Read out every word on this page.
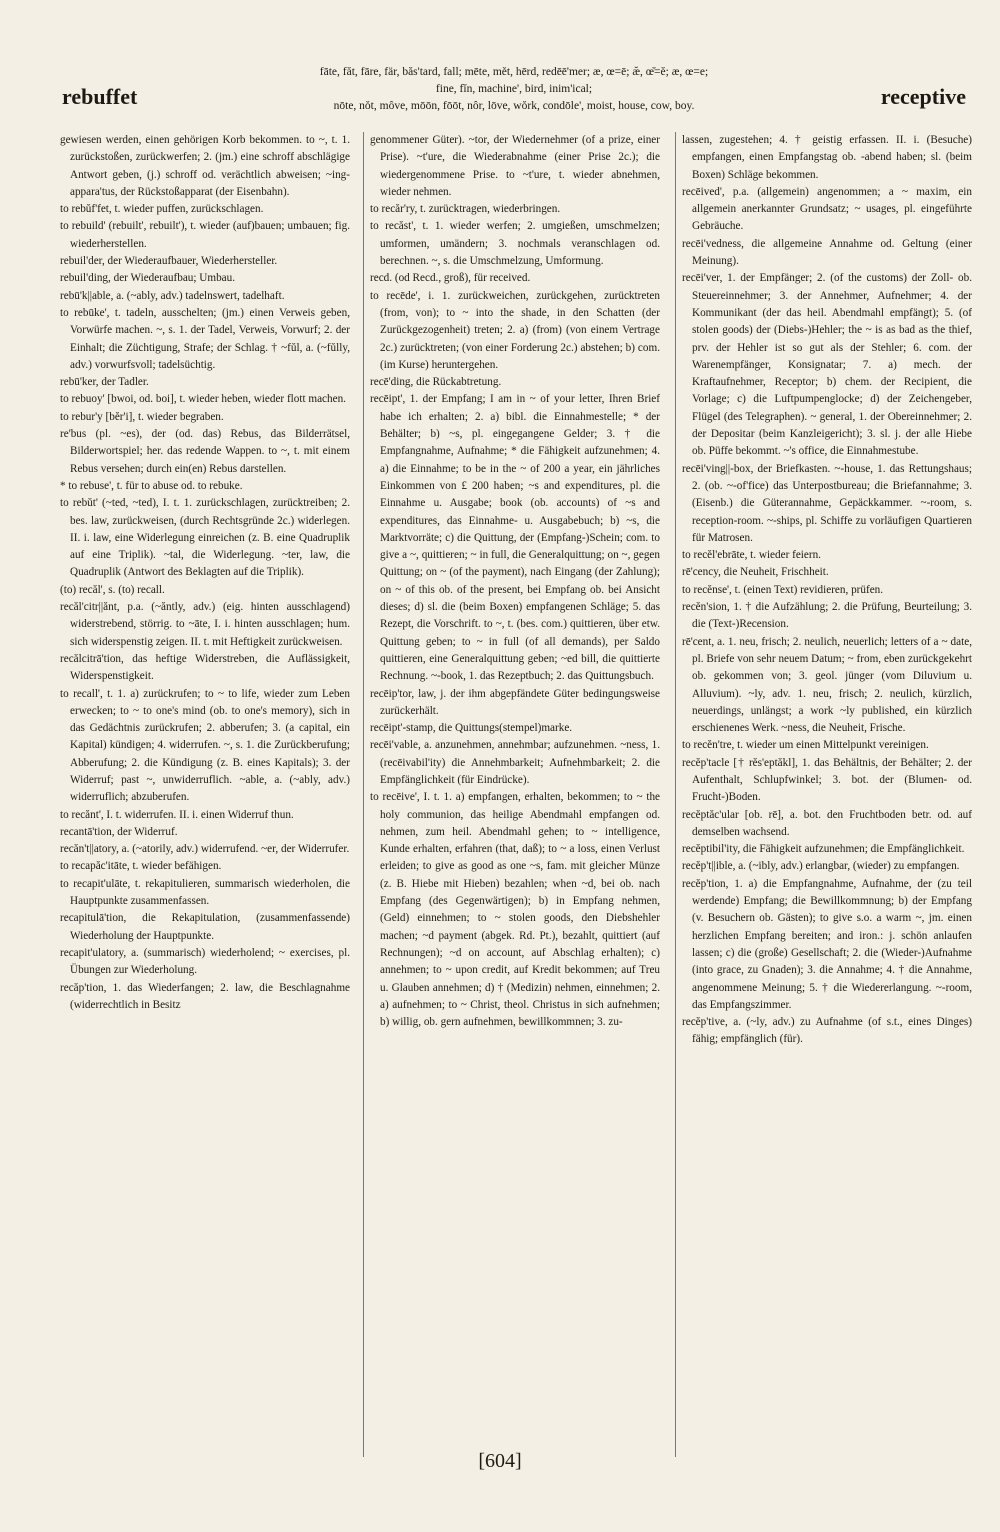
rebuffet
fāte, făt, fāre, fär, băs'tard, fall; mēte, mět, hērd, redēē'mer; æ, œ=ē; æ̆, œ̆=ĕ; æ, œ=e;
fine, fĭn, machine', bird, inim'ical;
nōte, nŏt, môve, mōōn, fōōt, nôr, lōve, wŏrk, condōle', moist, house, cow, boy.	receptive

gewiesen werden, einen gehörigen Korb bekommen. to ~, t. 1. zurückstoßen, zurückwerfen; 2. (jm.) eine schroff abschlägige Antwort geben, (j.) schroff od. verächtlich abweisen; ~ing-appara'tus, der Rückstoßapparat (der Eisenbahn).

to rebŭf'fet, t. wieder puffen, zurückschlagen.

to rebuild' (rebuilt', rebuilt'), t. wieder (auf)bauen; umbauen; fig. wiederherstellen.

rebuil'der, der Wiederaufbauer, Wiederhersteller.

rebuil'ding, der Wiederaufbau; Umbau.

rebū'k||able, a. (~ably, adv.) tadelnswert, tadelhaft.

to rebūke', t. tadeln, ausschelten; (jm.) einen Verweis geben, Vorwürfe machen. ~, s. 1. der Tadel, Verweis, Vorwurf; 2. der Einhalt; die Züchtigung, Strafe; der Schlag. † ~fŭl, a. (~fŭlly, adv.) vorwurfsvoll; tadelsüchtig.

rebū'ker, der Tadler.

to rebuoy' [bwoi, od. boi], t. wieder heben, wieder flott machen.

to rebur'y [bĕr'i], t. wieder begraben.

re'bus (pl. ~es), der (od. das) Rebus, das Bilderrätsel, Bilderwortspiel; her. das redende Wappen. to ~, t. mit einem Rebus versehen; durch ein(en) Rebus darstellen.

* to rebuse', t. für to abuse od. to rebuke.

to rebŭt' (~ted, ~ted), I. t. 1. zurückschlagen, zurücktreiben; 2. bes. law, zurückweisen, (durch Rechtsgründe 2c.) widerlegen. II. i. law, eine Widerlegung einreichen (z. B. eine Quadruplik auf eine Triplik). ~tal, die Widerlegung. ~ter, law, die Quadruplik (Antwort des Beklagten auf die Triplik).

(to) recăl', s. (to) recall.

recăl'citr||ănt, p.a. (~ăntly, adv.) (eig. hinten ausschlagend) widerstrebend, störrig. to ~āte, I. i. hinten ausschlagen; hum. sich widerspenstig zeigen. II. t. mit Heftigkeit zurückweisen.

recălcitrā'tion, das heftige Widerstreben, die Auflässigkeit, Widerspenstigkeit.

to recall', t. 1. a) zurückrufen; to ~ to life, wieder zum Leben erwecken; to ~ to one's mind (ob. to one's memory), sich in das Gedächtnis zurückrufen; 2. abberufen; 3. (a capital, ein Kapital) kündigen; 4. widerrufen. ~, s. 1. die Zurückberufung; Abberufung; 2. die Kündigung (z. B. eines Kapitals); 3. der Widerruf; past ~, unwiderruflich. ~able, a. (~ably, adv.) widerruflich; abzuberufen.

to recănt', I. t. widerrufen. II. i. einen Widerruf thun.

recantā'tion, der Widerruf.

recăn't||atory, a. (~atorily, adv.) widerrufend. ~er, der Widerrufer.

to recapăc'itāte, t. wieder befähigen.

to recapit'ulāte, t. rekapitulieren, summarisch wiederholen, die Hauptpunkte zusammenfassen.

recapitulā'tion, die Rekapitulation, (zusammenfassende) Wiederholung der Hauptpunkte.

recapit'ulatory, a. (summarisch) wiederholend; ~ exercises, pl. Übungen zur Wiederholung.

recăp'tion, 1. das Wiederfangen; 2. law, die Beschlagnahme (widerrechtlich in Besitz

genommener Güter). ~tor, der Wiedernehmer (of a prize, einer Prise). ~t'ure, die Wiederabnahme (einer Prise 2c.); die wiedergenommene Prise. to ~t'ure, t. wieder abnehmen, wieder nehmen.

to recăr'ry, t. zurücktragen, wiederbringen.

to recăst', t. 1. wieder werfen; 2. umgießen, umschmelzen; umformen, umändern; 3. nochmals veranschlagen od. berechnen. ~, s. die Umschmelzung, Umformung.

recd. (od Recd., groß), für received.

to recēde', i. 1. zurückweichen, zurückgehen, zurücktreten (from, von); to ~ into the shade, in den Schatten (der Zurückgezogenheit) treten; 2. a) (from) (von einem Vertrage 2c.) zurücktreten; (von einer Forderung 2c.) abstehen; b) com. (im Kurse) heruntergehen.

recē'ding, die Rückabtretung.

recēipt', 1. der Empfang; I am in ~ of your letter, Ihren Brief habe ich erhalten; 2. a) bibl. die Einnahmestelle; * der Behälter; b) ~s, pl. eingegangene Gelder; 3. † die Empfangnahme, Aufnahme; * die Fähigkeit aufzunehmen; 4. a) die Einnahme; to be in the ~ of 200 a year, ein jährliches Einkommen von £ 200 haben; ~s and expenditures, pl. die Einnahme u. Ausgabe; book (ob. accounts) of ~s and expenditures, das Einnahme- u. Ausgabebuch; b) ~s, die Marktvorräte; c) die Quittung, der (Empfang-)Schein; com. to give a ~, quittieren; ~ in full, die Generalquittung; on ~, gegen Quittung; on ~ (of the payment), nach Eingang (der Zahlung); on ~ of this ob. of the present, bei Empfang ob. bei Ansicht dieses; d) sl. die (beim Boxen) empfangenen Schläge; 5. das Rezept, die Vorschrift. to ~, t. (bes. com.) quittieren, über etw. Quittung geben; to ~ in full (of all demands), per Saldo quittieren, eine Generalquittung geben; ~ed bill, die quittierte Rechnung. ~-book, 1. das Rezeptbuch; 2. das Quittungsbuch.

recēip'tor, law, j. der ihm abgepfändete Güter bedingungsweise zurückerhält.

recēipt'-stamp, die Quittungs(stempel)marke.

recēi'vable, a. anzunehmen, annehmbar; aufzunehmen. ~ness, 1. (recēivabil'ity) die Annehmbarkeit; Aufnehmbarkeit; 2. die Empfänglichkeit (für Eindrücke).

to recēive', I. t. 1. a) empfangen, erhalten, bekommen; to ~ the holy communion, das heilige Abendmahl empfangen od. nehmen, zum heil. Abendmahl gehen; to ~ intelligence, Kunde erhalten, erfahren (that, daß); to ~ a loss, einen Verlust erleiden; to give as good as one ~s, fam. mit gleicher Münze (z. B. Hiebe mit Hieben) bezahlen; when ~d, bei ob. nach Empfang (des Gegenwärtigen); b) in Empfang nehmen, (Geld) einnehmen; to ~ stolen goods, den Diebshehler machen; ~d payment (abgek. Rd. Pt.), bezahlt, quittiert (auf Rechnungen); ~d on account, auf Abschlag erhalten); c) annehmen; to ~ upon credit, auf Kredit bekommen; auf Treu u. Glauben annehmen; d) † (Medizin) nehmen, einnehmen; 2. a) aufnehmen; to ~ Christ, theol. Christus in sich aufnehmen; b) willig, ob. gern aufnehmen, bewillkommnen; 3. zu-

lassen, zugestehen; 4. † geistig erfassen. II. i. (Besuche) empfangen, einen Empfangstag ob. -abend haben; sl. (beim Boxen) Schläge bekommen.

recēived', p.a. (allgemein) angenommen; a ~ maxim, ein allgemein anerkannter Grundsatz; ~ usages, pl. eingeführte Gebräuche.

recēi'vedness, die allgemeine Annahme od. Geltung (einer Meinung).

recēi'ver, 1. der Empfänger; 2. (of the customs) der Zoll- ob. Steuereinnehmer; 3. der Annehmer, Aufnehmer; 4. der Kommunikant (der das heil. Abendmahl empfängt); 5. (of stolen goods) der (Diebs-)Hehler; the ~ is as bad as the thief, prv. der Hehler ist so gut als der Stehler; 6. com. der Warenempfänger, Konsignatar; 7. a) mech. der Kraftaufnehmer, Receptor; b) chem. der Recipient, die Vorlage; c) die Luftpumpenglocke; d) der Zeichengeber, Flügel (des Telegraphen). ~ general, 1. der Obereinnehmer; 2. der Depositar (beim Kanzleigericht); 3. sl. j. der alle Hiebe ob. Püffe bekommt. ~'s office, die Einnahmestube.

recēi'ving||-box, der Briefkasten. ~-house, 1. das Rettungshaus; 2. (ob. ~-of'fice) das Unterpostbureau; die Briefannahme; 3. (Eisenb.) die Güterannahme, Gepäckkammer. ~-room, s. reception-room. ~-ships, pl. Schiffe zu vorläufigen Quartieren für Matrosen.

to recĕl'ebrāte, t. wieder feiern.

rē'cency, die Neuheit, Frischheit.

to recĕnse', t. (einen Text) revidieren, prüfen.

recĕn'sion, 1. † die Aufzählung; 2. die Prüfung, Beurteilung; 3. die (Text-)Recension.

rē'cent, a. 1. neu, frisch; 2. neulich, neuerlich; letters of a ~ date, pl. Briefe von sehr neuem Datum; ~ from, eben zurückgekehrt ob. gekommen von; 3. geol. jünger (vom Diluvium u. Alluvium). ~ly, adv. 1. neu, frisch; 2. neulich, kürzlich, neuerdings, unlängst; a work ~ly published, ein kürzlich erschienenes Werk. ~ness, die Neuheit, Frische.

to recĕn'tre, t. wieder um einen Mittelpunkt vereinigen.

recĕp'tacle [† rĕs'eptăkl], 1. das Behältnis, der Behälter; 2. der Aufenthalt, Schlupfwinkel; 3. bot. der (Blumen- od. Frucht-)Boden.

recĕptăc'ular [ob. rē], a. bot. den Fruchtboden betr. od. auf demselben wachsend.

recĕptibil'ity, die Fähigkeit aufzunehmen; die Empfänglichkeit.

recĕp't||ible, a. (~ibly, adv.) erlangbar, (wieder) zu empfangen.

recĕp'tion, 1. a) die Empfangnahme, Aufnahme, der (zu teil werdende) Empfang; die Bewillkommnung; b) der Empfang (v. Besuchern ob. Gästen); to give s.o. a warm ~, jm. einen herzlichen Empfang bereiten; and iron.: j. schön anlaufen lassen; c) die (große) Gesellschaft; 2. die (Wieder-)Aufnahme (into grace, zu Gnaden); 3. die Annahme; 4. † die Annahme, angenommene Meinung; 5. † die Wiedererlangung. ~-room, das Empfangszimmer.

recĕp'tive, a. (~ly, adv.) zu Aufnahme (of s.t., eines Dinges) fähig; empfänglich (für).

[604]
